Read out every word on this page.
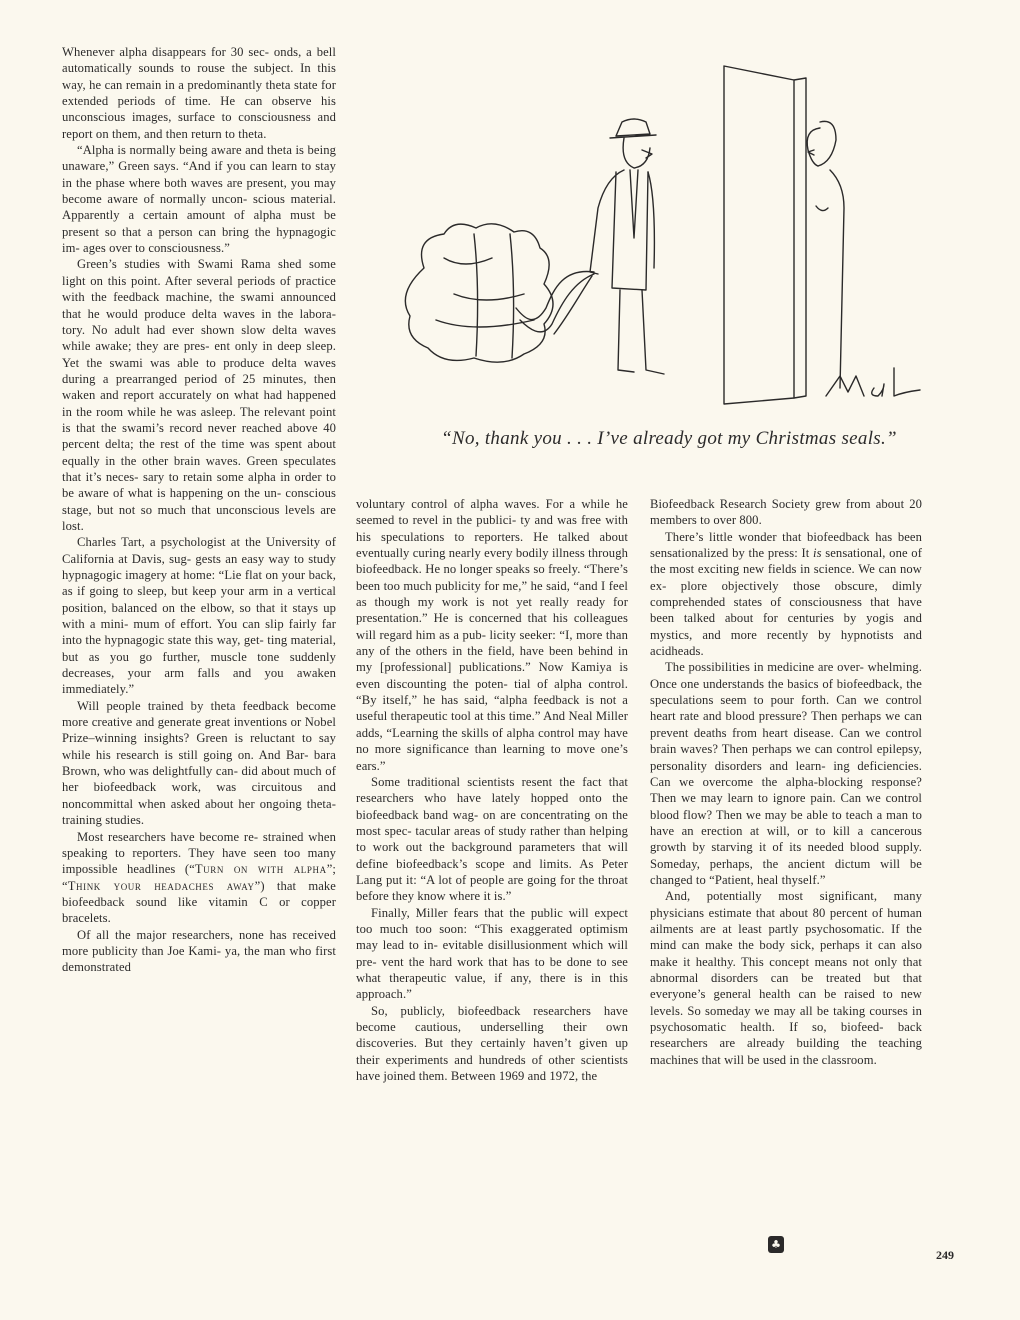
Whenever alpha disappears for 30 sec- onds, a bell automatically sounds to rouse the subject. In this way, he can remain in a predominantly theta state for extended periods of time. He can observe his unconscious images, surface to consciousness and report on them, and then return to theta.

“Alpha is normally being aware and theta is being unaware,” Green says. “And if you can learn to stay in the phase where both waves are present, you may become aware of normally uncon- scious material. Apparently a certain amount of alpha must be present so that a person can bring the hypnagogic im- ages over to consciousness.”

Green’s studies with Swami Rama shed some light on this point. After several periods of practice with the feedback machine, the swami announced that he would produce delta waves in the labora- tory. No adult had ever shown slow delta waves while awake; they are pres- ent only in deep sleep. Yet the swami was able to produce delta waves during a prearranged period of 25 minutes, then waken and report accurately on what had happened in the room while he was asleep. The relevant point is that the swami’s record never reached above 40 percent delta; the rest of the time was spent about equally in the other brain waves. Green speculates that it’s neces- sary to retain some alpha in order to be aware of what is happening on the un- conscious stage, but not so much that unconscious levels are lost.

Charles Tart, a psychologist at the University of California at Davis, sug- gests an easy way to study hypnagogic imagery at home: “Lie flat on your back, as if going to sleep, but keep your arm in a vertical position, balanced on the elbow, so that it stays up with a mini- mum of effort. You can slip fairly far into the hypnagogic state this way, get- ting material, but as you go further, muscle tone suddenly decreases, your arm falls and you awaken immediately.”

Will people trained by theta feedback become more creative and generate great inventions or Nobel Prize–winning insights? Green is reluctant to say while his research is still going on. And Bar- bara Brown, who was delightfully can- did about much of her biofeedback work, was circuitous and noncommittal when asked about her ongoing theta- training studies.

Most researchers have become re- strained when speaking to reporters. They have seen too many impossible headlines (“Turn on with alpha”; “Think your headaches away”) that make biofeedback sound like vitamin C or copper bracelets.

Of all the major researchers, none has received more publicity than Joe Kami- ya, the man who first demonstrated

“No, thank you . . . I’ve already got my Christmas seals.”

voluntary control of alpha waves. For a while he seemed to revel in the publici- ty and was free with his speculations to reporters. He talked about eventually curing nearly every bodily illness through biofeedback. He no longer speaks so freely. “There’s been too much publicity for me,” he said, “and I feel as though my work is not yet really ready for presentation.” He is concerned that his colleagues will regard him as a pub- licity seeker: “I, more than any of the others in the field, have been behind in my [professional] publications.” Now Kamiya is even discounting the poten- tial of alpha control. “By itself,” he has said, “alpha feedback is not a useful therapeutic tool at this time.” And Neal Miller adds, “Learning the skills of alpha control may have no more significance than learning to move one’s ears.”

Some traditional scientists resent the fact that researchers who have lately hopped onto the biofeedback band wag- on are concentrating on the most spec- tacular areas of study rather than helping to work out the background parameters that will define biofeedback’s scope and limits. As Peter Lang put it: “A lot of people are going for the throat before they know where it is.”

Finally, Miller fears that the public will expect too much too soon: “This exaggerated optimism may lead to in- evitable disillusionment which will pre- vent the hard work that has to be done to see what therapeutic value, if any, there is in this approach.”

So, publicly, biofeedback researchers have become cautious, underselling their own discoveries. But they certainly haven’t given up their experiments and hundreds of other scientists have joined them. Between 1969 and 1972, the

Biofeedback Research Society grew from about 20 members to over 800.

There’s little wonder that biofeedback has been sensationalized by the press: It is sensational, one of the most exciting new fields in science. We can now ex- plore objectively those obscure, dimly comprehended states of consciousness that have been talked about for centuries by yogis and mystics, and more recently by hypnotists and acidheads.

The possibilities in medicine are over- whelming. Once one understands the basics of biofeedback, the speculations seem to pour forth. Can we control heart rate and blood pressure? Then perhaps we can prevent deaths from heart disease. Can we control brain waves? Then perhaps we can control epilepsy, personality disorders and learn- ing deficiencies. Can we overcome the alpha-blocking response? Then we may learn to ignore pain. Can we control blood flow? Then we may be able to teach a man to have an erection at will, or to kill a cancerous growth by starving it of its needed blood supply. Someday, perhaps, the ancient dictum will be changed to “Patient, heal thyself.”

And, potentially most significant, many physicians estimate that about 80 percent of human ailments are at least partly psychosomatic. If the mind can make the body sick, perhaps it can also make it healthy. This concept means not only that abnormal disorders can be treated but that everyone’s general health can be raised to new levels. So someday we may all be taking courses in psychosomatic health. If so, biofeed- back researchers are already building the teaching machines that will be used in the classroom.

♣
249
